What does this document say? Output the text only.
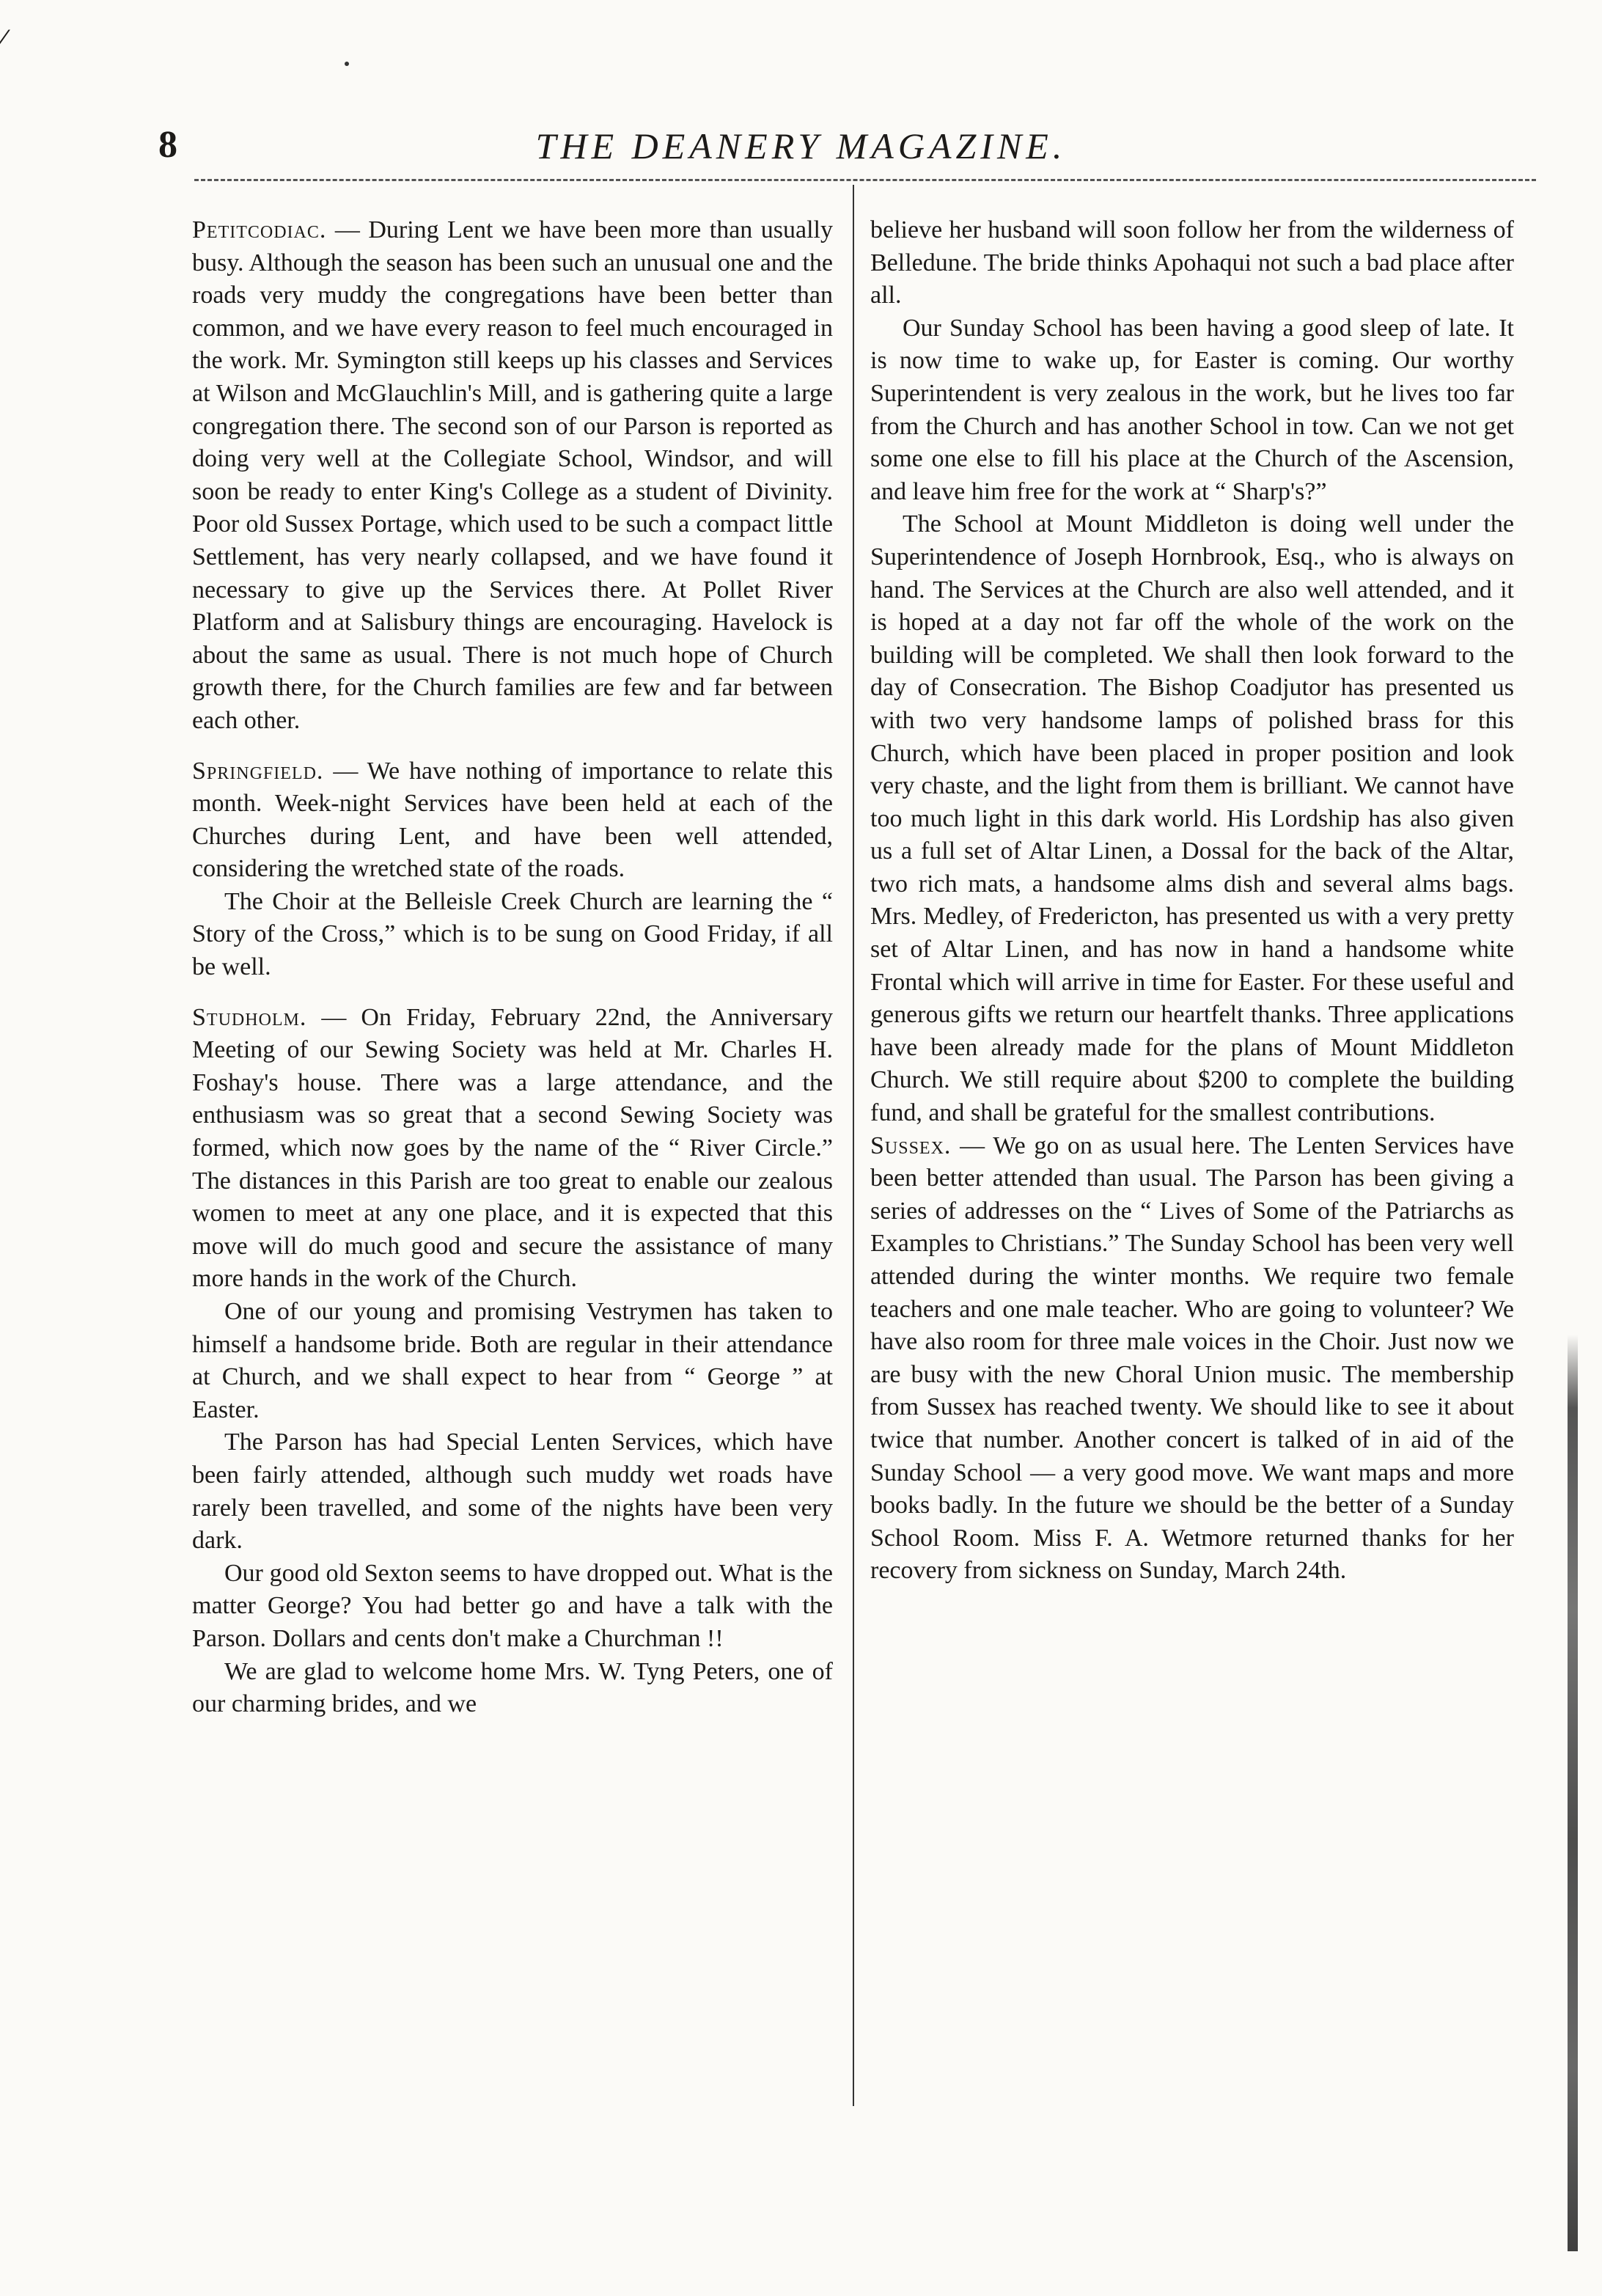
⁄
8	THE DEANERY MAGAZINE.

Petitcodiac. — During Lent we have been more than usually busy. Although the season has been such an unusual one and the roads very muddy the congregations have been better than common, and we have every reason to feel much encouraged in the work. Mr. Symington still keeps up his classes and Services at Wilson and McGlauchlin's Mill, and is gathering quite a large congregation there. The second son of our Parson is reported as doing very well at the Collegiate School, Windsor, and will soon be ready to enter King's College as a student of Divinity. Poor old Sussex Portage, which used to be such a compact little Settlement, has very nearly collapsed, and we have found it necessary to give up the Services there. At Pollet River Platform and at Salisbury things are encouraging. Havelock is about the same as usual. There is not much hope of Church growth there, for the Church families are few and far between each other.

Springfield. — We have nothing of importance to relate this month. Week-night Services have been held at each of the Churches during Lent, and have been well attended, considering the wretched state of the roads.

The Choir at the Belleisle Creek Church are learning the “ Story of the Cross,” which is to be sung on Good Friday, if all be well.

Studholm. — On Friday, February 22nd, the Anniversary Meeting of our Sewing Society was held at Mr. Charles H. Foshay's house. There was a large attendance, and the enthusiasm was so great that a second Sewing Society was formed, which now goes by the name of the “ River Circle.” The distances in this Parish are too great to enable our zealous women to meet at any one place, and it is expected that this move will do much good and secure the assistance of many more hands in the work of the Church.

One of our young and promising Vestrymen has taken to himself a handsome bride. Both are regular in their attendance at Church, and we shall expect to hear from “ George ” at Easter.

The Parson has had Special Lenten Services, which have been fairly attended, although such muddy wet roads have rarely been travelled, and some of the nights have been very dark.

Our good old Sexton seems to have dropped out. What is the matter George? You had better go and have a talk with the Parson. Dollars and cents don't make a Churchman !!

We are glad to welcome home Mrs. W. Tyng Peters, one of our charming brides, and we

believe her husband will soon follow her from the wilderness of Belledune. The bride thinks Apohaqui not such a bad place after all.

Our Sunday School has been having a good sleep of late. It is now time to wake up, for Easter is coming. Our worthy Superintendent is very zealous in the work, but he lives too far from the Church and has another School in tow. Can we not get some one else to fill his place at the Church of the Ascension, and leave him free for the work at “ Sharp's?”

The School at Mount Middleton is doing well under the Superintendence of Joseph Hornbrook, Esq., who is always on hand. The Services at the Church are also well attended, and it is hoped at a day not far off the whole of the work on the building will be completed. We shall then look forward to the day of Consecration. The Bishop Coadjutor has presented us with two very handsome lamps of polished brass for this Church, which have been placed in proper position and look very chaste, and the light from them is brilliant. We cannot have too much light in this dark world. His Lordship has also given us a full set of Altar Linen, a Dossal for the back of the Altar, two rich mats, a handsome alms dish and several alms bags. Mrs. Medley, of Fredericton, has presented us with a very pretty set of Altar Linen, and has now in hand a handsome white Frontal which will arrive in time for Easter. For these useful and generous gifts we return our heartfelt thanks. Three applications have been already made for the plans of Mount Middleton Church. We still require about $200 to complete the building fund, and shall be grateful for the smallest contributions.

Sussex. — We go on as usual here. The Lenten Services have been better attended than usual. The Parson has been giving a series of addresses on the “ Lives of Some of the Patriarchs as Examples to Christians.” The Sunday School has been very well attended during the winter months. We require two female teachers and one male teacher. Who are going to volunteer? We have also room for three male voices in the Choir. Just now we are busy with the new Choral Union music. The membership from Sussex has reached twenty. We should like to see it about twice that number. Another concert is talked of in aid of the Sunday School — a very good move. We want maps and more books badly. In the future we should be the better of a Sunday School Room. Miss F. A. Wetmore returned thanks for her recovery from sickness on Sunday, March 24th.
